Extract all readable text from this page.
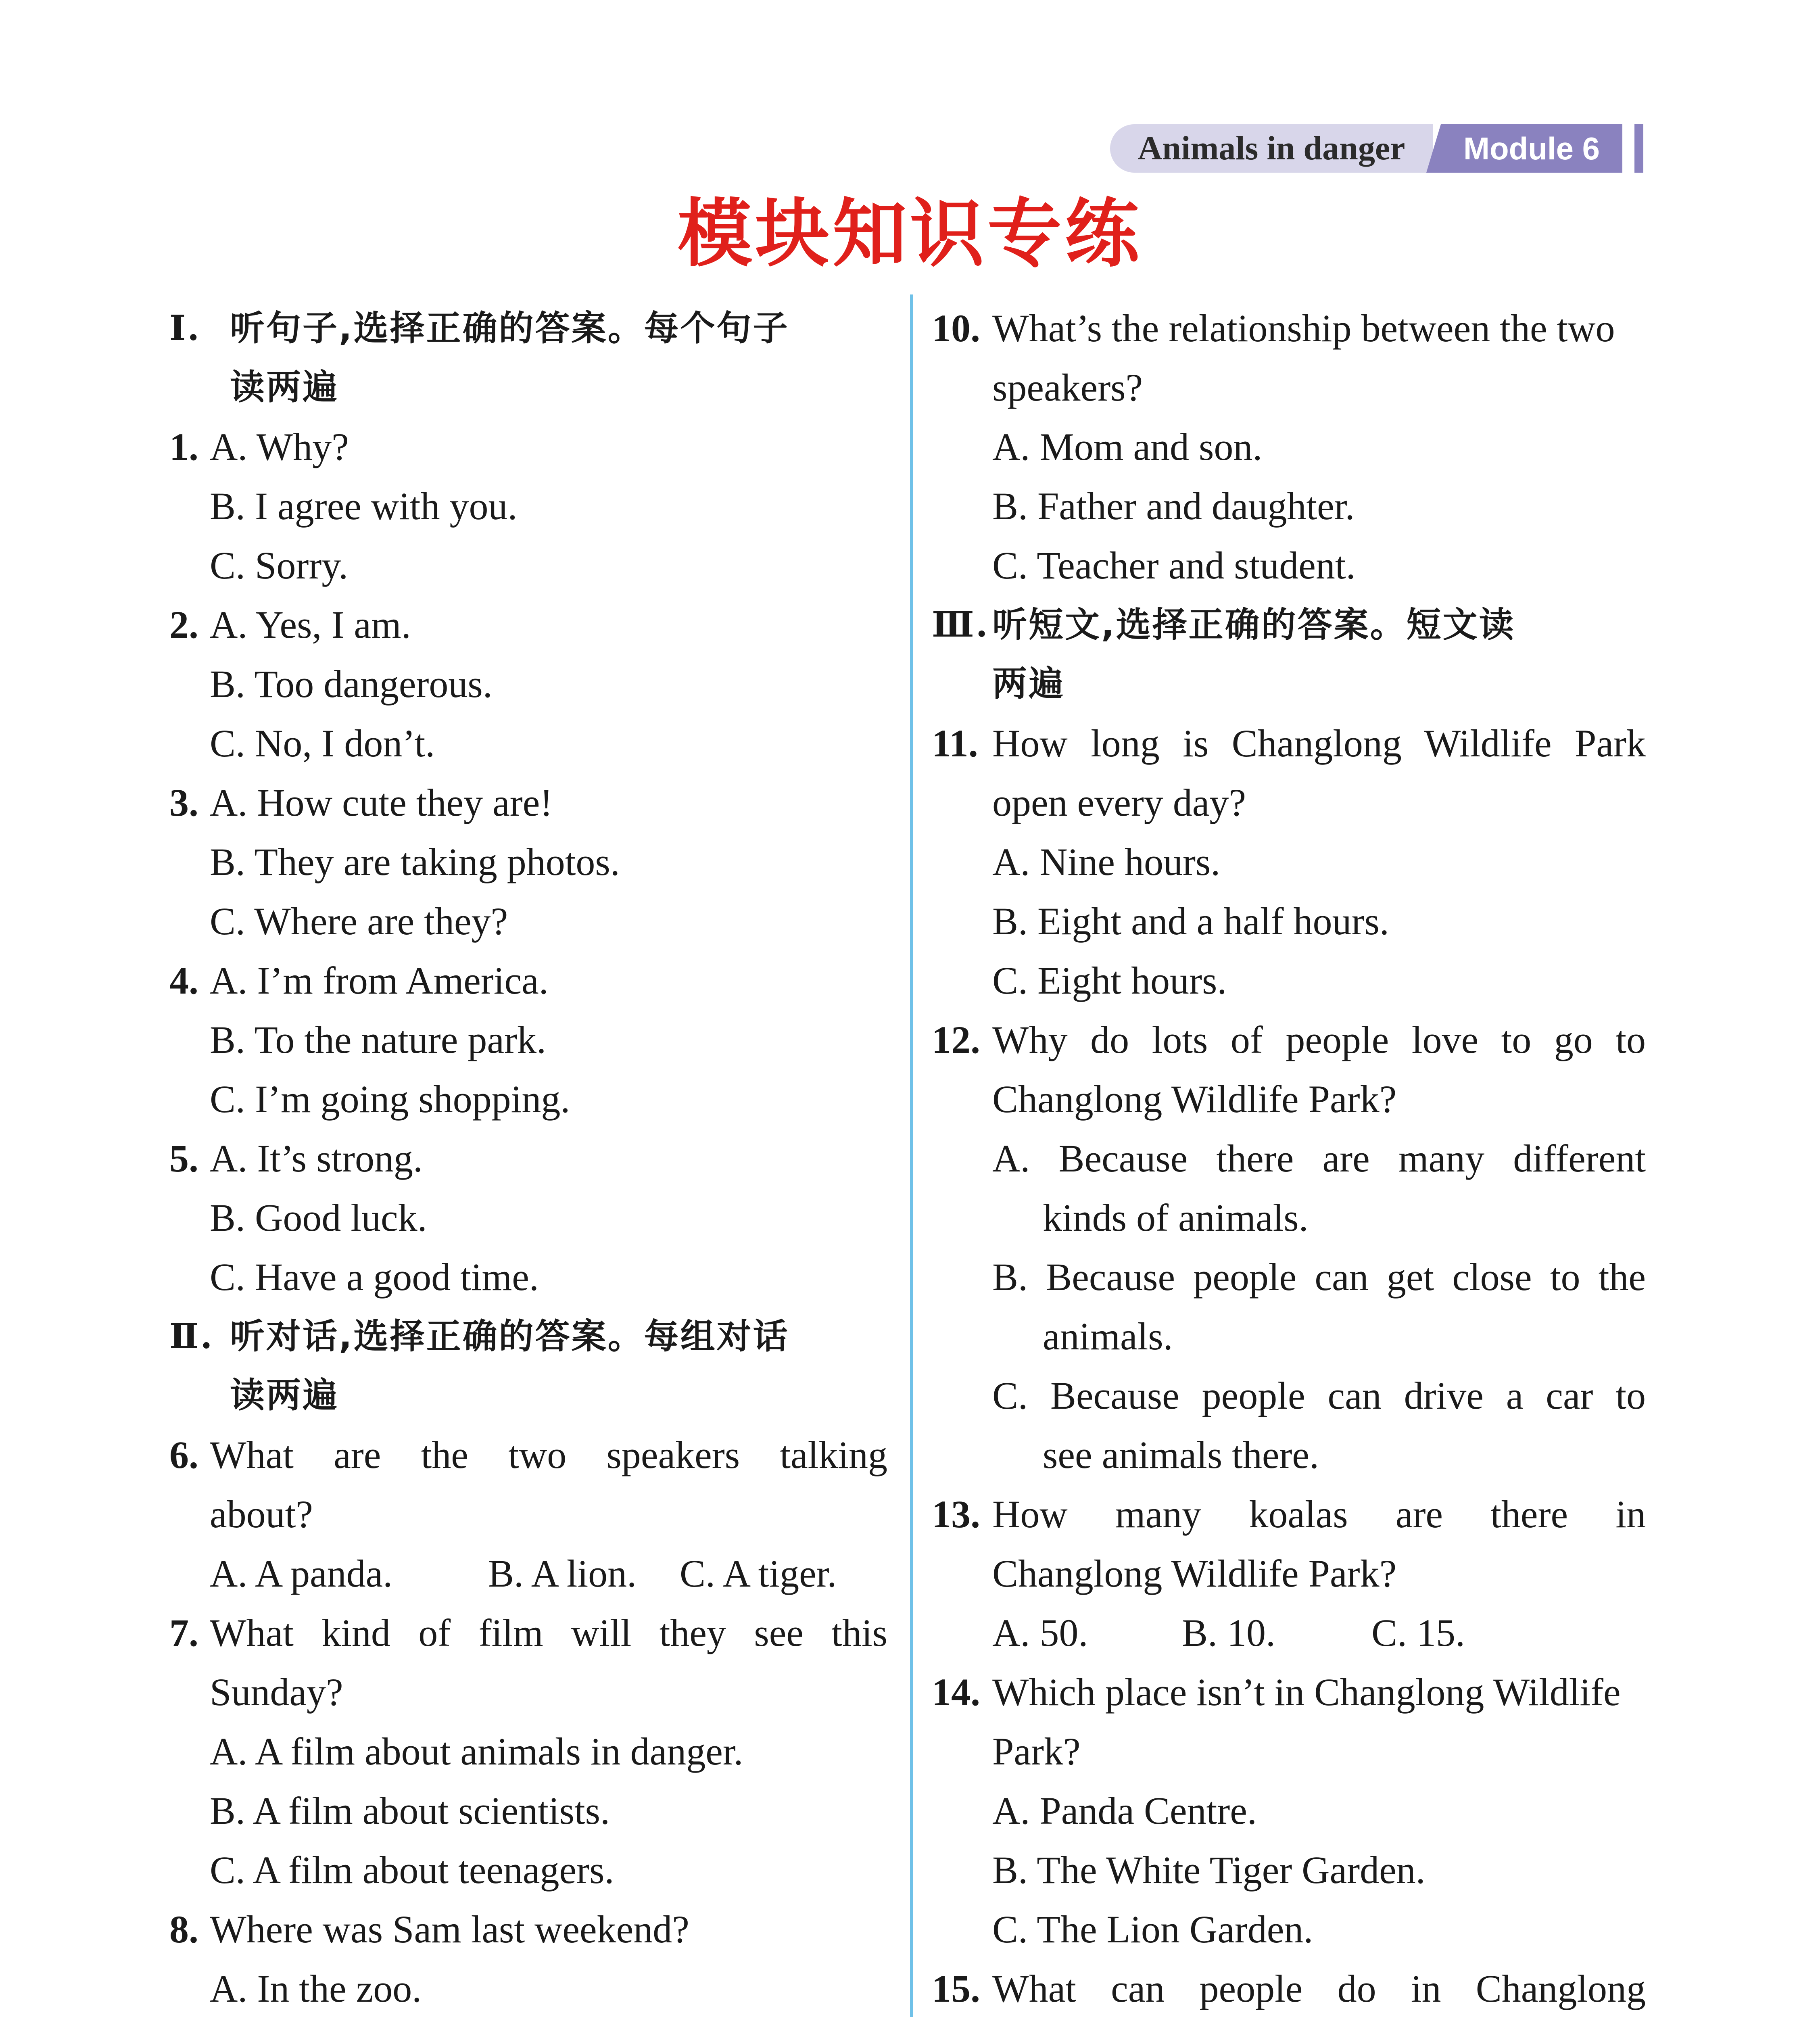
Animals in danger	Module 6
模块知识专练
Ⅰ. 听句子,选择正确的答案。每个句子
读两遍
1. A. Why?
B. I agree with you.
C. Sorry.
2. A. Yes, I am.
B. Too dangerous.
C. No, I don’t.
3. A. How cute they are!
B. They are taking photos.
C. Where are they?
4. A. I’m from America.
B. To the nature park.
C. I’m going shopping.
5. A. It’s strong.
B. Good luck.
C. Have a good time.
Ⅱ. 听对话,选择正确的答案。每组对话
读两遍
6. What are the two speakers talking
about?
A. A panda. B. A lion. C. A tiger.
7. What kind of film will they see this
Sunday?
A. A film about animals in danger.
B. A film about scientists.
C. A film about teenagers.
8. Where was Sam last weekend?
A. In the zoo.
10. What’s the relationship between the two
speakers?
A. Mom and son.
B. Father and daughter.
C. Teacher and student.
Ⅲ.听短文,选择正确的答案。短文读
两遍
11. How long is Changlong Wildlife Park
open every day?
A. Nine hours.
B. Eight and a half hours.
C. Eight hours.
12. Why do lots of people love to go to
Changlong Wildlife Park?
A. Because there are many different
kinds of animals.
B. Because people can get close to the
animals.
C. Because people can drive a car to
see animals there.
13. How many koalas are there in
Changlong Wildlife Park?
A. 50. B. 10. C. 15.
14. Which place isn’t in Changlong Wildlife
Park?
A. Panda Centre.
B. The White Tiger Garden.
C. The Lion Garden.
15. What can people do in Changlong
